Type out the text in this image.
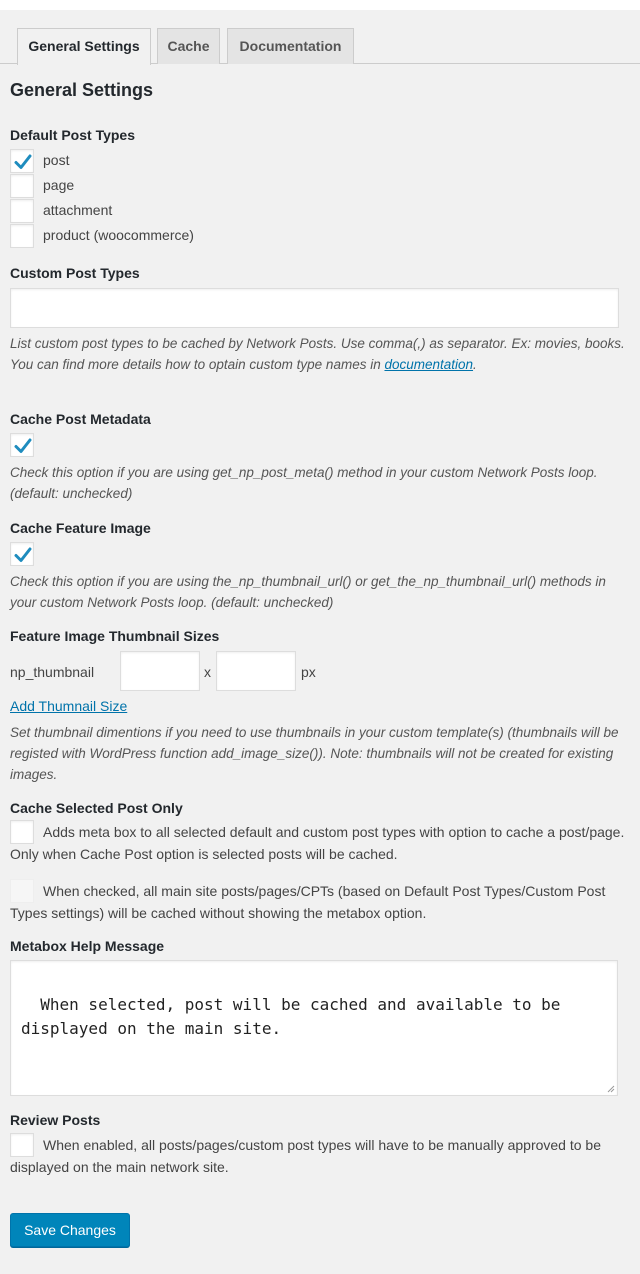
General Settings	Cache	Documentation
General Settings
Default Post Types
post
page
attachment
product (woocommerce)
Custom Post Types
List custom post types to be cached by Network Posts. Use comma(,) as separator. Ex: movies, books.
You can find more details how to optain custom type names in documentation.
Cache Post Metadata
Check this option if you are using get_np_post_meta() method in your custom Network Posts loop. (default: unchecked)
Cache Feature Image
Check this option if you are using the_np_thumbnail_url() or get_the_np_thumbnail_url() methods in your custom Network Posts loop. (default: unchecked)
Feature Image Thumbnail Sizes
np_thumbnail	x	px
Add Thumnail Size
Set thumbnail dimentions if you need to use thumbnails in your custom template(s) (thumbnails will be registed with WordPress function add_image_size()). Note: thumbnails will not be created for existing images.
Cache Selected Post Only
Adds meta box to all selected default and custom post types with option to cache a post/page. Only when Cache Post option is selected posts will be cached.
When checked, all main site posts/pages/CPTs (based on Default Post Types/Custom Post Types settings) will be cached without showing the metabox option.
Metabox Help Message

When selected, post will be cached and available to be displayed on the main site.

Review Posts
When enabled, all posts/pages/custom post types will have to be manually approved to be displayed on the main network site.
Save Changes
